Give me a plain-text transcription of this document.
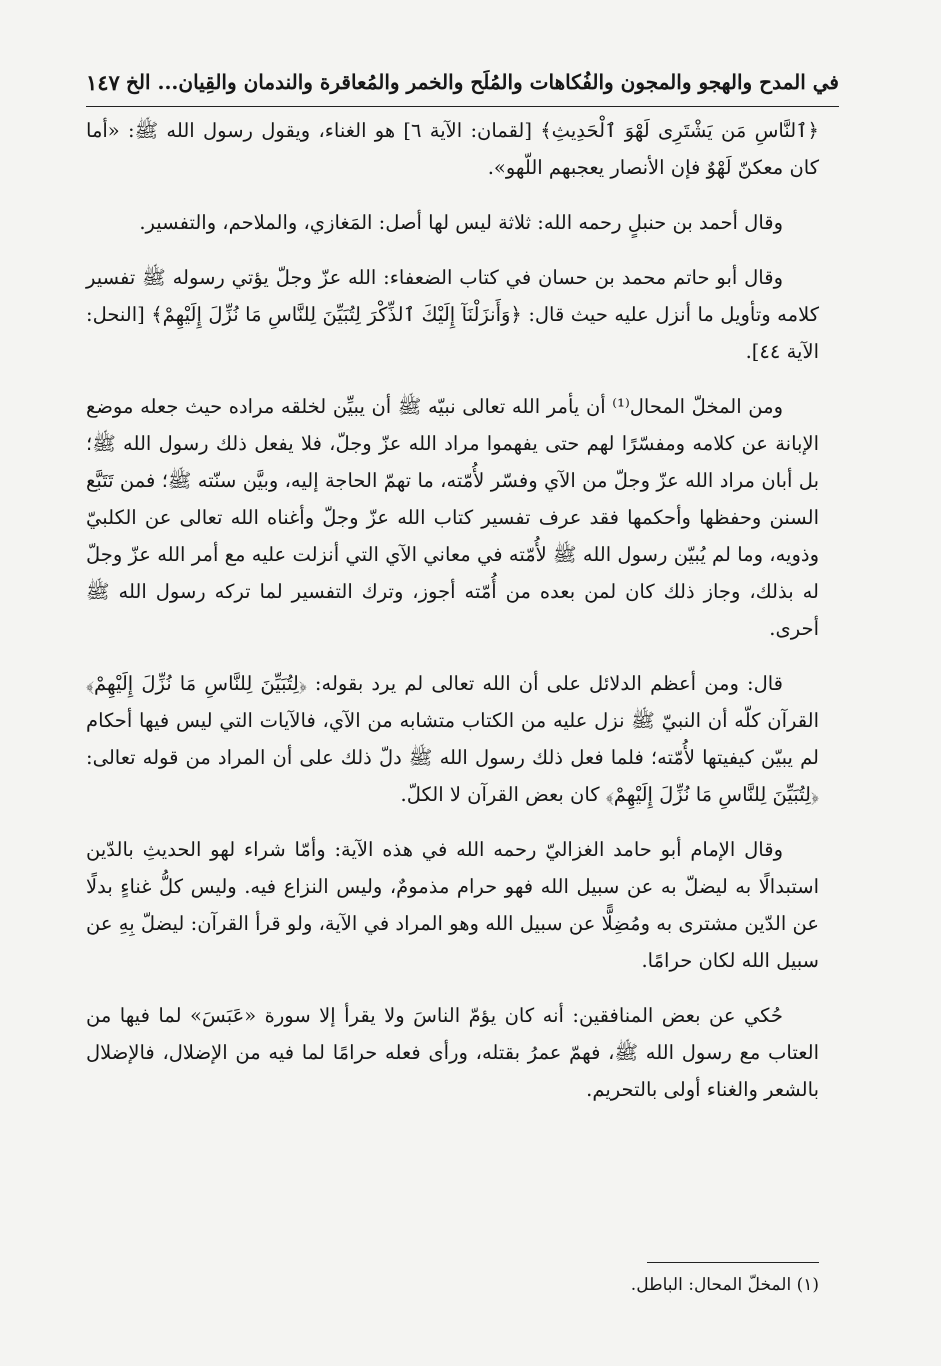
في المدح والهجو والمجون والفُكاهات والمُلَح والخمر والمُعاقرة والندمان والقِيان... الخ
١٤٧

﴿ٱلنَّاسِ مَن يَشْتَرِى لَهْوَ ٱلْحَدِيثِ﴾ [لقمان: الآية ٦] هو الغناء، ويقول رسول الله ﷺ: «أما كان معكنّ لَهْوٌ فإن الأنصار يعجبهم اللّهو».

وقال أحمد بن حنبلٍ رحمه الله: ثلاثة ليس لها أصل: المَغازي، والملاحم، والتفسير.

وقال أبو حاتم محمد بن حسان في كتاب الضعفاء: الله عزّ وجلّ يؤتي رسوله ﷺ تفسير كلامه وتأويل ما أنزل عليه حيث قال: ﴿وَأَنزَلْنَآ إِلَيْكَ ٱلذِّكْرَ لِتُبَيِّنَ لِلنَّاسِ مَا نُزِّلَ إِلَيْهِمْ﴾ [النحل: الآية ٤٤].

ومن المخلّ المحال⁽¹⁾ أن يأمر الله تعالى نبيّه ﷺ أن يبيِّن لخلقه مراده حيث جعله موضع الإبانة عن كلامه ومفسّرًا لهم حتى يفهموا مراد الله عزّ وجلّ، فلا يفعل ذلك رسول الله ﷺ؛ بل أبان مراد الله عزّ وجلّ من الآي وفسّر لأُمّته، ما تهمّ الحاجة إليه، وبيَّن سنّته ﷺ؛ فمن تَتَبَّع السنن وحفظها وأحكمها فقد عرف تفسير كتاب الله عزّ وجلّ وأغناه الله تعالى عن الكلبيّ وذويه، وما لم يُبيّن رسول الله ﷺ لأُمّته في معاني الآي التي أنزلت عليه مع أمر الله عزّ وجلّ له بذلك، وجاز ذلك كان لمن بعده من أُمّته أجوز، وترك التفسير لما تركه رسول الله ﷺ أحرى.

قال: ومن أعظم الدلائل على أن الله تعالى لم يرد بقوله: ﴿لِتُبَيِّنَ لِلنَّاسِ مَا نُزِّلَ إِلَيْهِمْ﴾ القرآن كلّه أن النبيّ ﷺ نزل عليه من الكتاب متشابه من الآي، فالآيات التي ليس فيها أحكام لم يبيّن كيفيتها لأُمّته؛ فلما فعل ذلك رسول الله ﷺ دلّ ذلك على أن المراد من قوله تعالى: ﴿لِتُبَيِّنَ لِلنَّاسِ مَا نُزِّلَ إِلَيْهِمْ﴾ كان بعض القرآن لا الكلّ.

وقال الإمام أبو حامد الغزاليّ رحمه الله في هذه الآية: وأمّا شراء لهو الحديثِ بالدّين استبدالًا به ليضلّ به عن سبيل الله فهو حرام مذمومٌ، وليس النزاع فيه. وليس كلُّ غناءٍ بدلًا عن الدّين مشترى به ومُضِلًّا عن سبيل الله وهو المراد في الآية، ولو قرأ القرآن: ليضلّ بِهِ عن سبيل الله لكان حرامًا.

حُكي عن بعض المنافقين: أنه كان يؤمّ الناسَ ولا يقرأ إلا سورة «عَبَسَ» لما فيها من العتاب مع رسول الله ﷺ، فهمّ عمرُ بقتله، ورأى فعله حرامًا لما فيه من الإضلال، فالإضلال بالشعر والغناء أولى بالتحريم.

(١) المخلّ المحال: الباطل.
